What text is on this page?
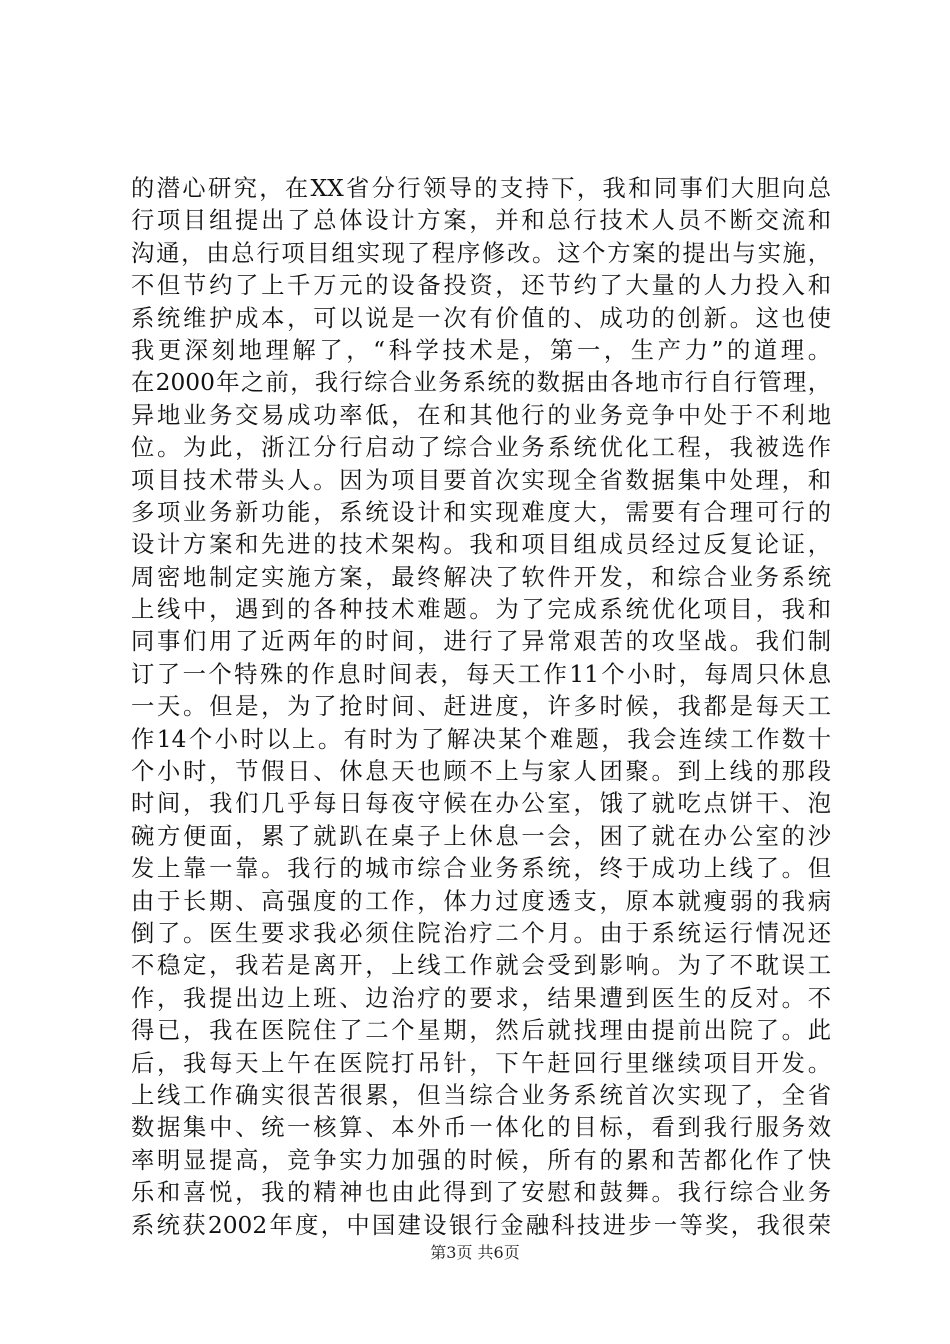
的潜心研究，在XX省分行领导的支持下，我和同事们大胆向总
行项目组提出了总体设计方案，并和总行技术人员不断交流和
沟通，由总行项目组实现了程序修改。这个方案的提出与实施，
不但节约了上千万元的设备投资，还节约了大量的人力投入和
系统维护成本，可以说是一次有价值的、成功的创新。这也使
我更深刻地理解了，“科学技术是，第一，生产力”的道理。
在2000年之前，我行综合业务系统的数据由各地市行自行管理，
异地业务交易成功率低，在和其他行的业务竞争中处于不利地
位。为此，浙江分行启动了综合业务系统优化工程，我被选作
项目技术带头人。因为项目要首次实现全省数据集中处理，和
多项业务新功能，系统设计和实现难度大，需要有合理可行的
设计方案和先进的技术架构。我和项目组成员经过反复论证，
周密地制定实施方案，最终解决了软件开发，和综合业务系统
上线中，遇到的各种技术难题。为了完成系统优化项目，我和
同事们用了近两年的时间，进行了异常艰苦的攻坚战。我们制
订了一个特殊的作息时间表，每天工作11个小时，每周只休息
一天。但是，为了抢时间、赶进度，许多时候，我都是每天工
作14个小时以上。有时为了解决某个难题，我会连续工作数十
个小时，节假日、休息天也顾不上与家人团聚。到上线的那段
时间，我们几乎每日每夜守候在办公室，饿了就吃点饼干、泡
碗方便面，累了就趴在桌子上休息一会，困了就在办公室的沙
发上靠一靠。我行的城市综合业务系统，终于成功上线了。但
由于长期、高强度的工作，体力过度透支，原本就瘦弱的我病
倒了。医生要求我必须住院治疗二个月。由于系统运行情况还
不稳定，我若是离开，上线工作就会受到影响。为了不耽误工
作，我提出边上班、边治疗的要求，结果遭到医生的反对。不
得已，我在医院住了二个星期，然后就找理由提前出院了。此
后，我每天上午在医院打吊针，下午赶回行里继续项目开发。
上线工作确实很苦很累，但当综合业务系统首次实现了，全省
数据集中、统一核算、本外币一体化的目标，看到我行服务效
率明显提高，竞争实力加强的时候，所有的累和苦都化作了快
乐和喜悦，我的精神也由此得到了安慰和鼓舞。我行综合业务
系统获2002年度，中国建设银行金融科技进步一等奖，我很荣
第3页 共6页
